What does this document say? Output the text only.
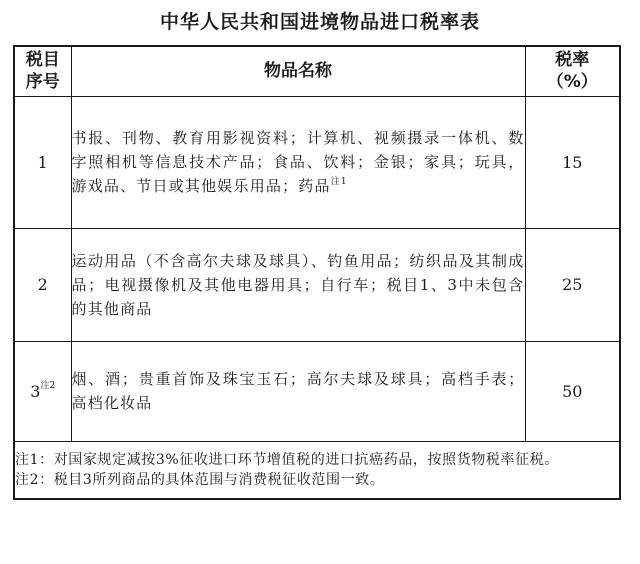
中华人民共和国进境物品进口税率表
税目
序号	物品名称	税率
（%）
1	书报、刊物、教育用影视资料；计算机、视频摄录一体机、数字照相机等信息技术产品；食品、饮料；金银；家具；玩具，游戏品、节日或其他娱乐用品；药品$^{注1}$	15
2	运动用品（不含高尔夫球及球具）、钓鱼用品；纺织品及其制成品；电视摄像机及其他电器用具；自行车；税目1、3中未包含的其他商品	25
3$^{注2}$	烟、酒；贵重首饰及珠宝玉石；高尔夫球及球具；高档手表；高档化妆品	50

注1：对国家规定减按3%征收进口环节增值税的进口抗癌药品，按照货物税率征税。
注2：税目3所列商品的具体范围与消费税征收范围一致。		
